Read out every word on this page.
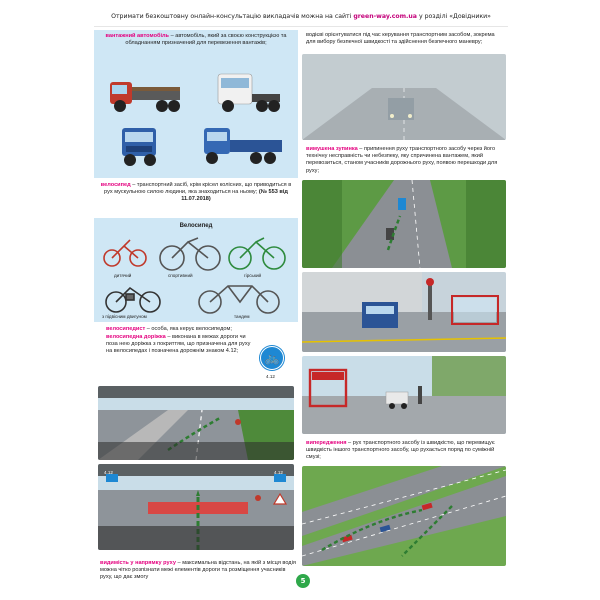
Отримати безкоштовну онлайн-консультацію викладачів можна на сайті
green-way.com.ua
у розділі «Довідники»
вантажний автомобіль – автомобіль, який за своєю конструкцією та обладнанням призначений для перевезення вантажів;
велосипед – транспортний засіб, крім крісел колісних, що приводиться в рух мускульною силою людини, яка знаходиться на ньому; (№ 553 від 11.07.2018)
Велосипед
дитячий	спортивний	гірський
з підвісним двигуном	тандем
велосипедист – особа, яка керує велосипедом;
велосипедна доріжка – виконана в межах дороги чи поза нею доріжка з покриттям, що призначена для руху на велосипедах і позначена дорожнім знаком 4.12;	🚲
4.12
4.12	4.12
видимість у напрямку руху – максимальна відстань, на якій з місця водія можна чітко розпізнати межі елементів дороги та розміщення учасників руху, що дає змогу
водієві орієнтуватися під час керування транспортним засобом, зокрема для вибору безпечної швидкості та здійснення безпечного маневру;
вимушена зупинка – припинення руху транспортного засобу через його технічну несправність чи небезпеку, яку спричинена вантажем, який перевозиться, станом учасників дорожнього руху, появою перешкоди для руху;
випередження – рух транспортного засобу із швидкістю, що перевищує швидкість іншого транспортного засобу, що рухається поряд по суміжній смузі;
5
